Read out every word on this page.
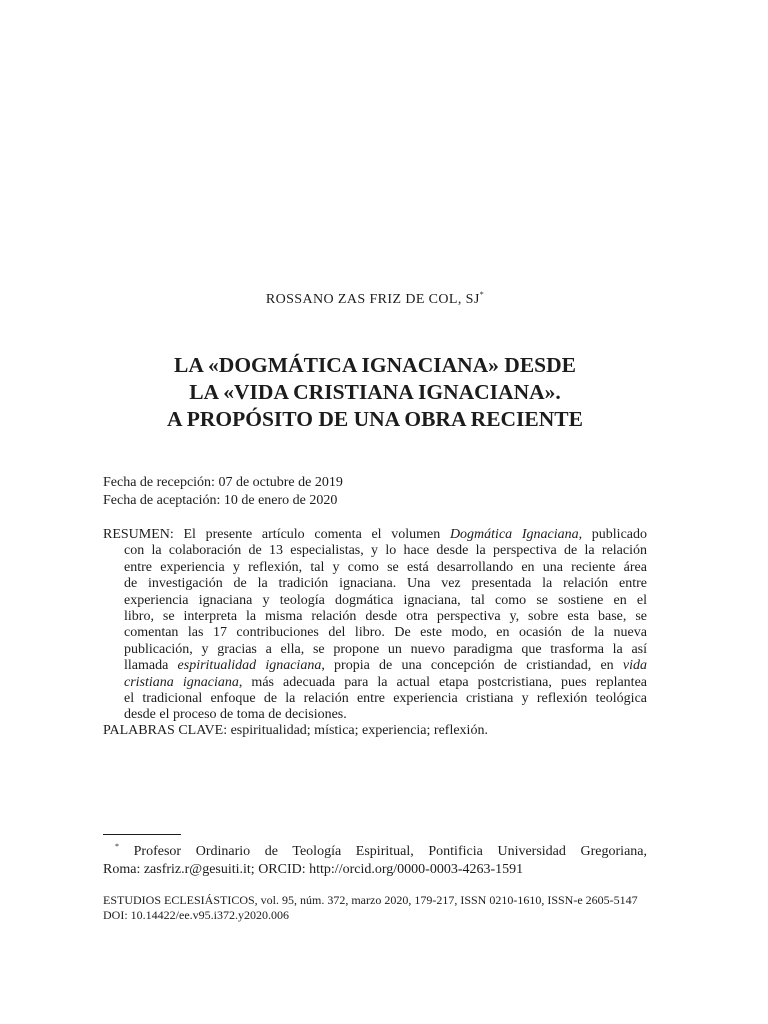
ROSSANO ZAS FRIZ DE COL, SJ*
LA «DOGMÁTICA IGNACIANA» DESDE
LA «VIDA CRISTIANA IGNACIANA».
A PROPÓSITO DE UNA OBRA RECIENTE
Fecha de recepción: 07 de octubre de 2019
Fecha de aceptación: 10 de enero de 2020
RESUMEN: El presente artículo comenta el volumen Dogmática Ignaciana, publicado
con la colaboración de 13 especialistas, y lo hace desde la perspectiva de la relación
entre experiencia y reflexión, tal y como se está desarrollando en una reciente área
de investigación de la tradición ignaciana. Una vez presentada la relación entre
experiencia ignaciana y teología dogmática ignaciana, tal como se sostiene en el
libro, se interpreta la misma relación desde otra perspectiva y, sobre esta base, se
comentan las 17 contribuciones del libro. De este modo, en ocasión de la nueva
publicación, y gracias a ella, se propone un nuevo paradigma que trasforma la así
llamada espiritualidad ignaciana, propia de una concepción de cristiandad, en vida
cristiana ignaciana, más adecuada para la actual etapa postcristiana, pues replantea
el tradicional enfoque de la relación entre experiencia cristiana y reflexión teológica
desde el proceso de toma de decisiones.
PALABRAS CLAVE: espiritualidad; mística; experiencia; reflexión.
* Profesor Ordinario de Teología Espiritual, Pontificia Universidad Gregoriana,
Roma: zasfriz.r@gesuiti.it; ORCID: http://orcid.org/0000-0003-4263-1591
ESTUDIOS ECLESIÁSTICOS, vol. 95, núm. 372, marzo 2020, 179-217, ISSN 0210-1610, ISSN-e 2605-5147
DOI: 10.14422/ee.v95.i372.y2020.006
